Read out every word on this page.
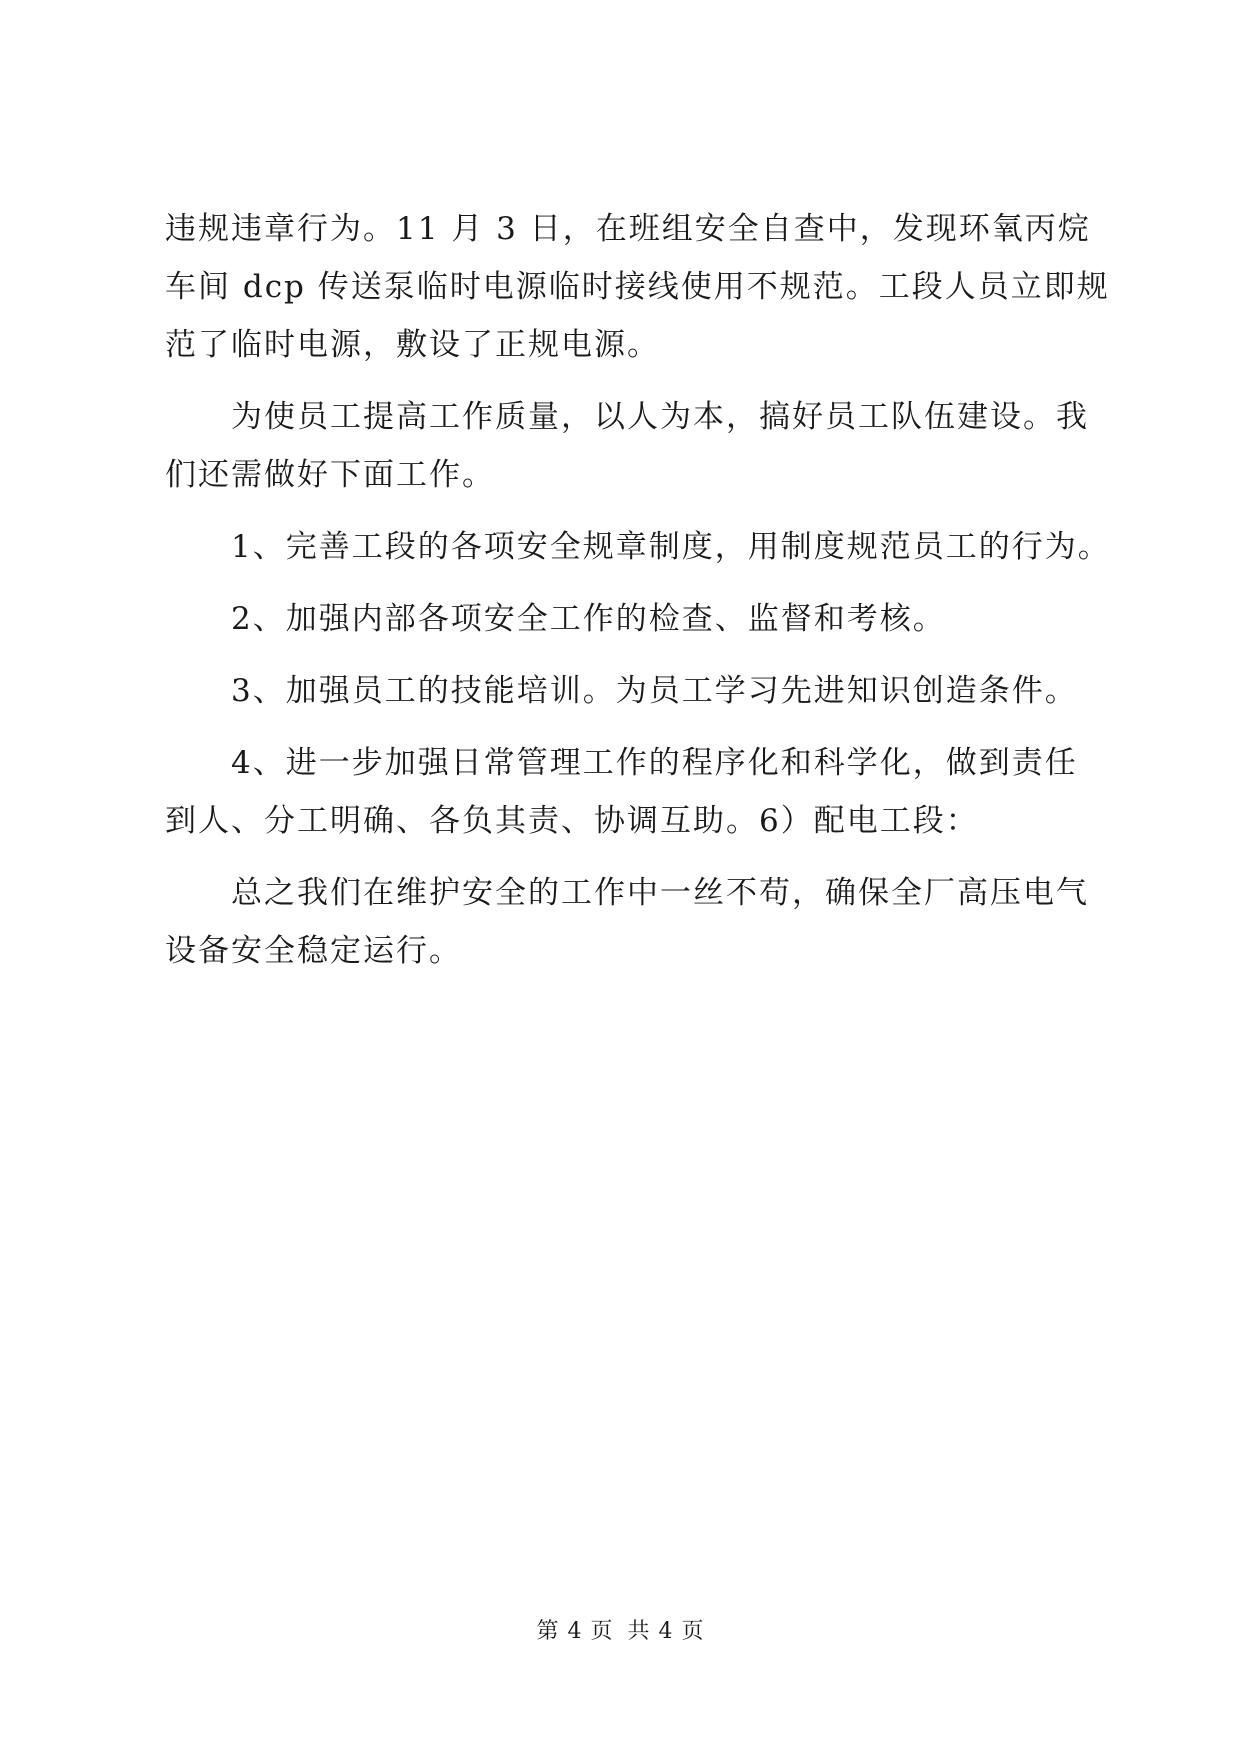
违规违章行为。11 月 3 日，在班组安全自查中，发现环氧丙烷
车间 dcp 传送泵临时电源临时接线使用不规范。工段人员立即规
范了临时电源，敷设了正规电源。
为使员工提高工作质量，以人为本，搞好员工队伍建设。我
们还需做好下面工作。
1、完善工段的各项安全规章制度，用制度规范员工的行为。
2、加强内部各项安全工作的检查、监督和考核。
3、加强员工的技能培训。为员工学习先进知识创造条件。
4、进一步加强日常管理工作的程序化和科学化，做到责任
到人、分工明确、各负其责、协调互助。6）配电工段：
总之我们在维护安全的工作中一丝不苟，确保全厂高压电气
设备安全稳定运行。
第 4 页 共 4 页
